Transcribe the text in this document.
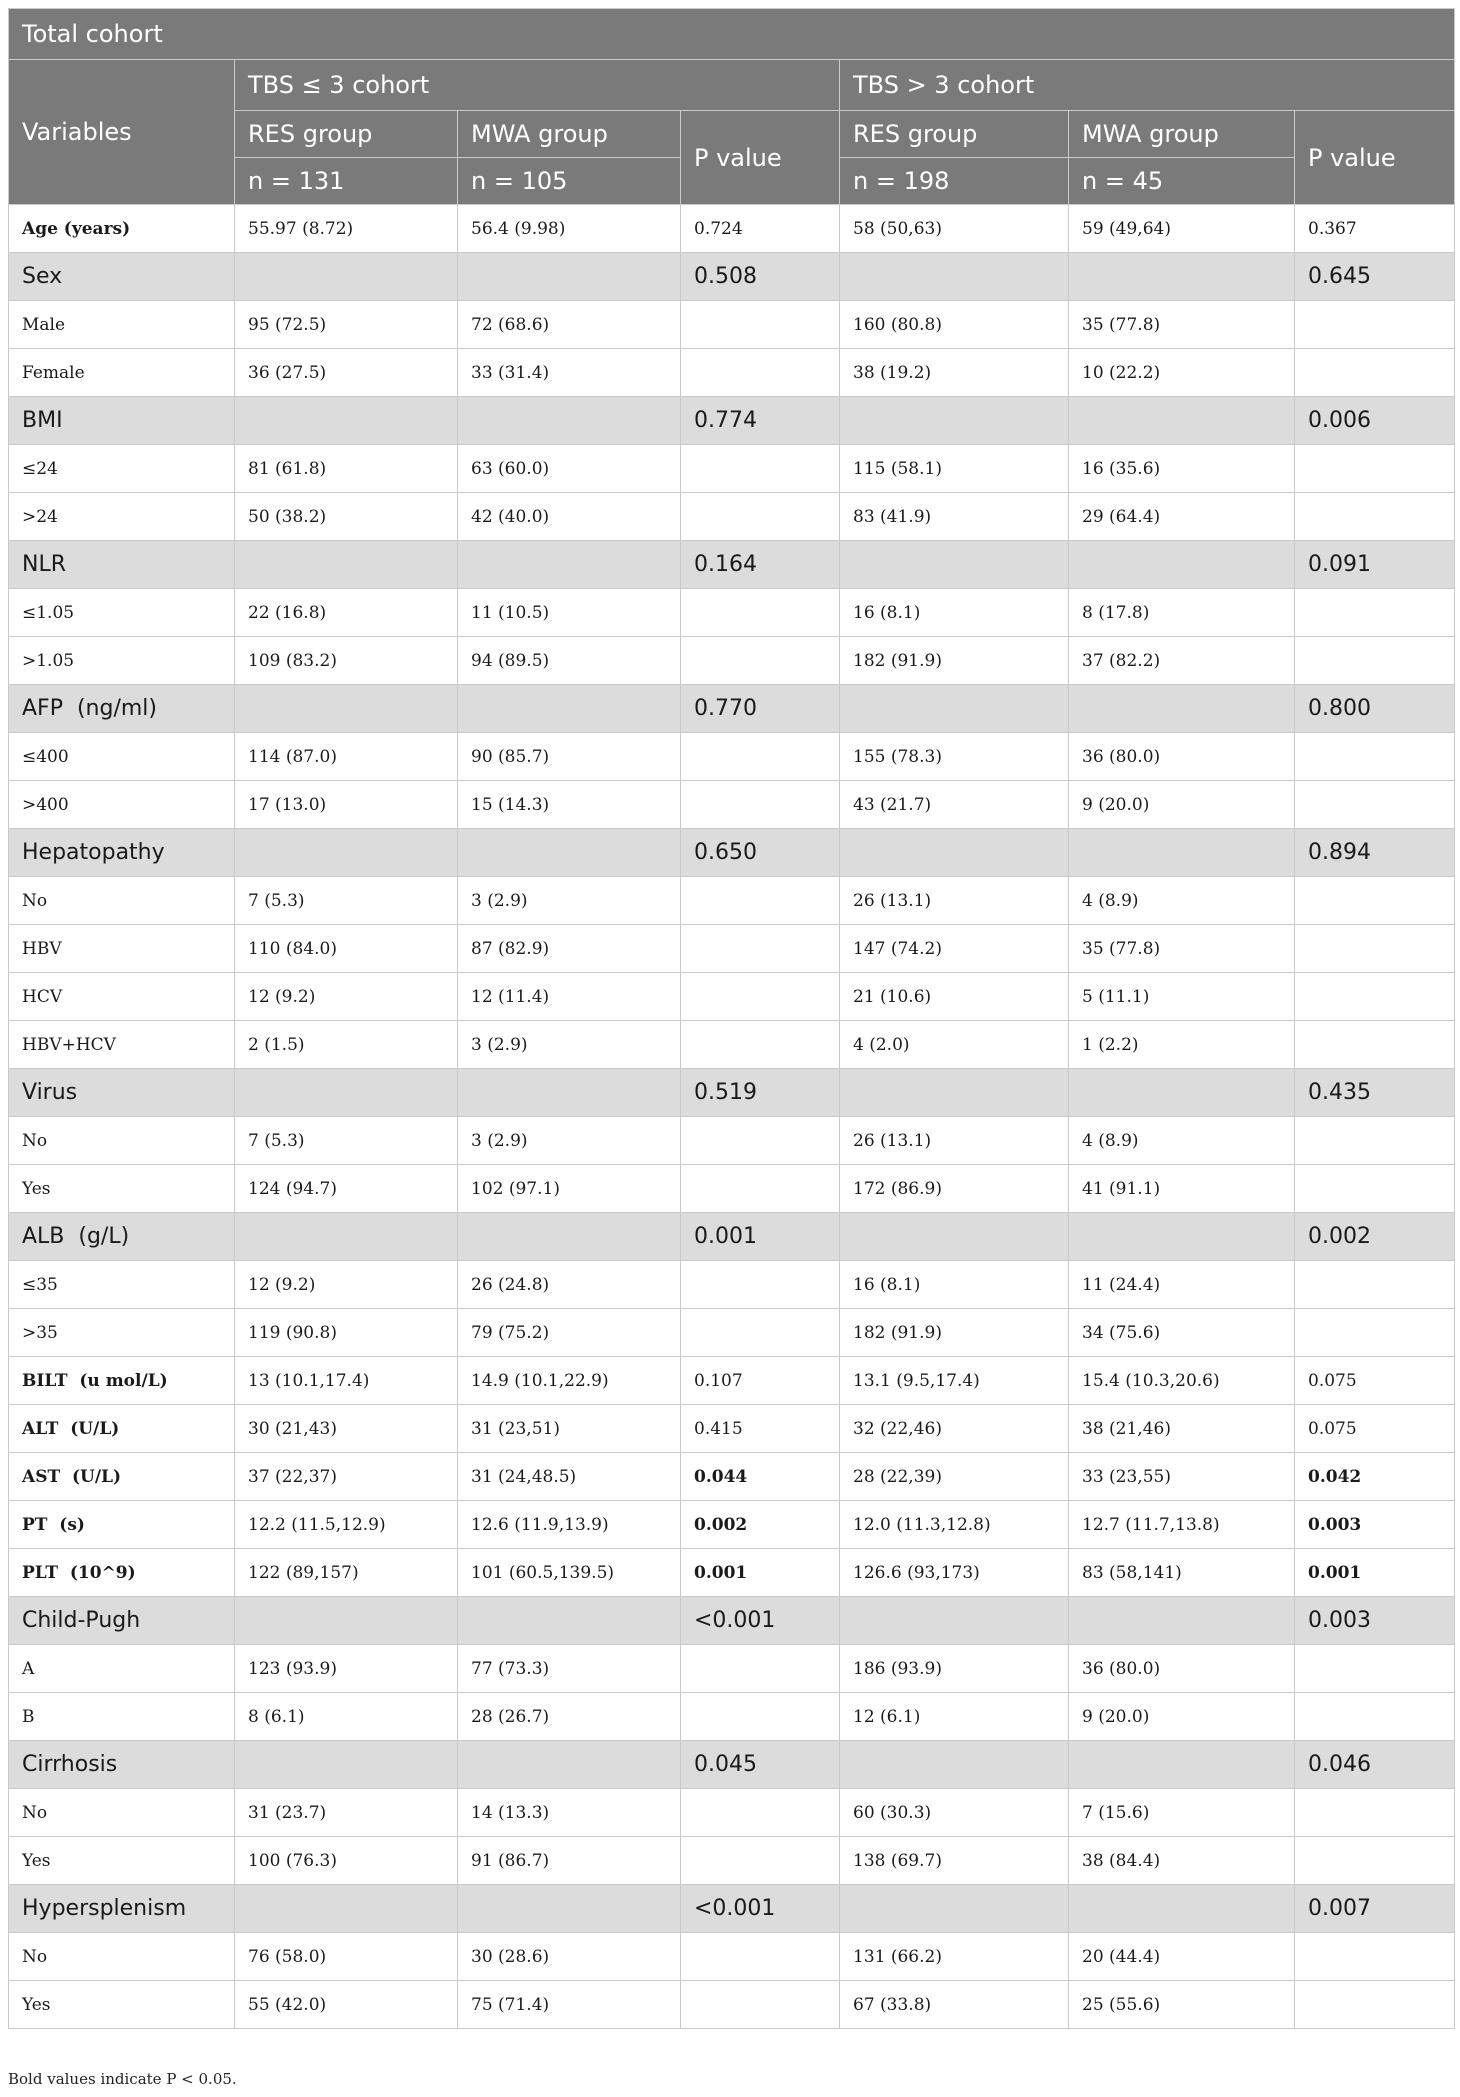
Total cohort						
Variables	TBS ≤ 3 cohort			TBS > 3 cohort		
	RES group	MWA group	P value	RES group	MWA group	P value
	n = 131	n = 105		n = 198	n = 45	
Age (years)	55.97 (8.72)	56.4 (9.98)	0.724	58 (50,63)	59 (49,64)	0.367
Sex			0.508			0.645
Male	95 (72.5)	72 (68.6)		160 (80.8)	35 (77.8)	
Female	36 (27.5)	33 (31.4)		38 (19.2)	10 (22.2)	
BMI			0.774			0.006
≤24	81 (61.8)	63 (60.0)		115 (58.1)	16 (35.6)	
>24	50 (38.2)	42 (40.0)		83 (41.9)	29 (64.4)	
NLR			0.164			0.091
≤1.05	22 (16.8)	11 (10.5)		16 (8.1)	8 (17.8)	
>1.05	109 (83.2)	94 (89.5)		182 (91.9)	37 (82.2)	
AFP  (ng/ml)			0.770			0.800
≤400	114 (87.0)	90 (85.7)		155 (78.3)	36 (80.0)	
>400	17 (13.0)	15 (14.3)		43 (21.7)	9 (20.0)	
Hepatopathy			0.650			0.894
No	7 (5.3)	3 (2.9)		26 (13.1)	4 (8.9)	
HBV	110 (84.0)	87 (82.9)		147 (74.2)	35 (77.8)	
HCV	12 (9.2)	12 (11.4)		21 (10.6)	5 (11.1)	
HBV+HCV	2 (1.5)	3 (2.9)		4 (2.0)	1 (2.2)	
Virus			0.519			0.435
No	7 (5.3)	3 (2.9)		26 (13.1)	4 (8.9)	
Yes	124 (94.7)	102 (97.1)		172 (86.9)	41 (91.1)	
ALB  (g/L)			0.001			0.002
≤35	12 (9.2)	26 (24.8)		16 (8.1)	11 (24.4)	
>35	119 (90.8)	79 (75.2)		182 (91.9)	34 (75.6)	
BILT  (u mol/L)	13 (10.1,17.4)	14.9 (10.1,22.9)	0.107	13.1 (9.5,17.4)	15.4 (10.3,20.6)	0.075
ALT  (U/L)	30 (21,43)	31 (23,51)	0.415	32 (22,46)	38 (21,46)	0.075
AST  (U/L)	37 (22,37)	31 (24,48.5)	0.044	28 (22,39)	33 (23,55)	0.042
PT  (s)	12.2 (11.5,12.9)	12.6 (11.9,13.9)	0.002	12.0 (11.3,12.8)	12.7 (11.7,13.8)	0.003
PLT  (10^9)	122 (89,157)	101 (60.5,139.5)	0.001	126.6 (93,173)	83 (58,141)	0.001
Child-Pugh			<0.001			0.003
A	123 (93.9)	77 (73.3)		186 (93.9)	36 (80.0)	
B	8 (6.1)	28 (26.7)		12 (6.1)	9 (20.0)	
Cirrhosis			0.045			0.046
No	31 (23.7)	14 (13.3)		60 (30.3)	7 (15.6)	
Yes	100 (76.3)	91 (86.7)		138 (69.7)	38 (84.4)	
Hypersplenism			<0.001			0.007
No	76 (58.0)	30 (28.6)		131 (66.2)	20 (44.4)	
Yes	55 (42.0)	75 (71.4)		67 (33.8)	25 (55.6)	
Bold values indicate P < 0.05.
